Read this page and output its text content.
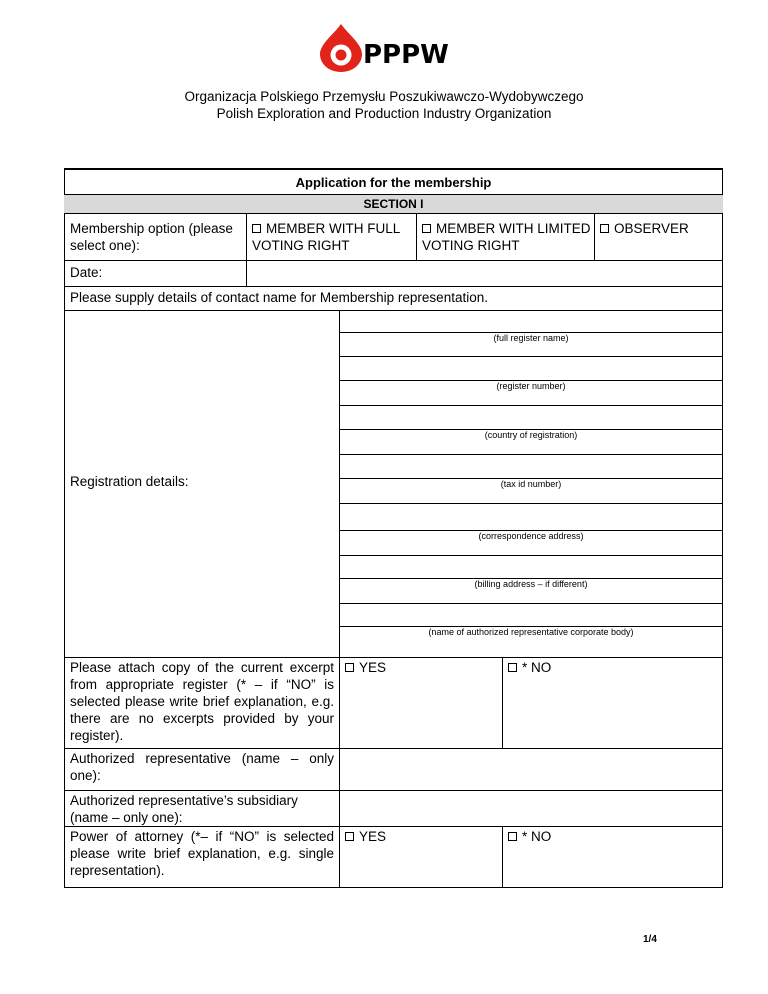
PPPW
Organizacja Polskiego Przemysłu Poszukiwawczo-Wydobywczego
Polish Exploration and Production Industry Organization
Application for the membership
SECTION I
Membership option (please select one):
MEMBER WITH FULL VOTING RIGHT
MEMBER WITH LIMITED VOTING RIGHT
OBSERVER
Date:
Please supply details of contact name for Membership representation.
Registration details:
(full register name)
(register number)
(country of registration)
(tax id number)
(correspondence address)
(billing address – if different)
(name of authorized representative corporate body)
Please attach copy of the current excerpt from appropriate register (* – if “NO” is selected please write brief explanation, e.g. there are no excerpts provided by your register).
YES	* NO
Authorized representative (name – only one):
Authorized representative’s subsidiary (name – only one):
Power of attorney (*– if “NO” is selected please write brief explanation, e.g. single representation).
YES	* NO
1/4
